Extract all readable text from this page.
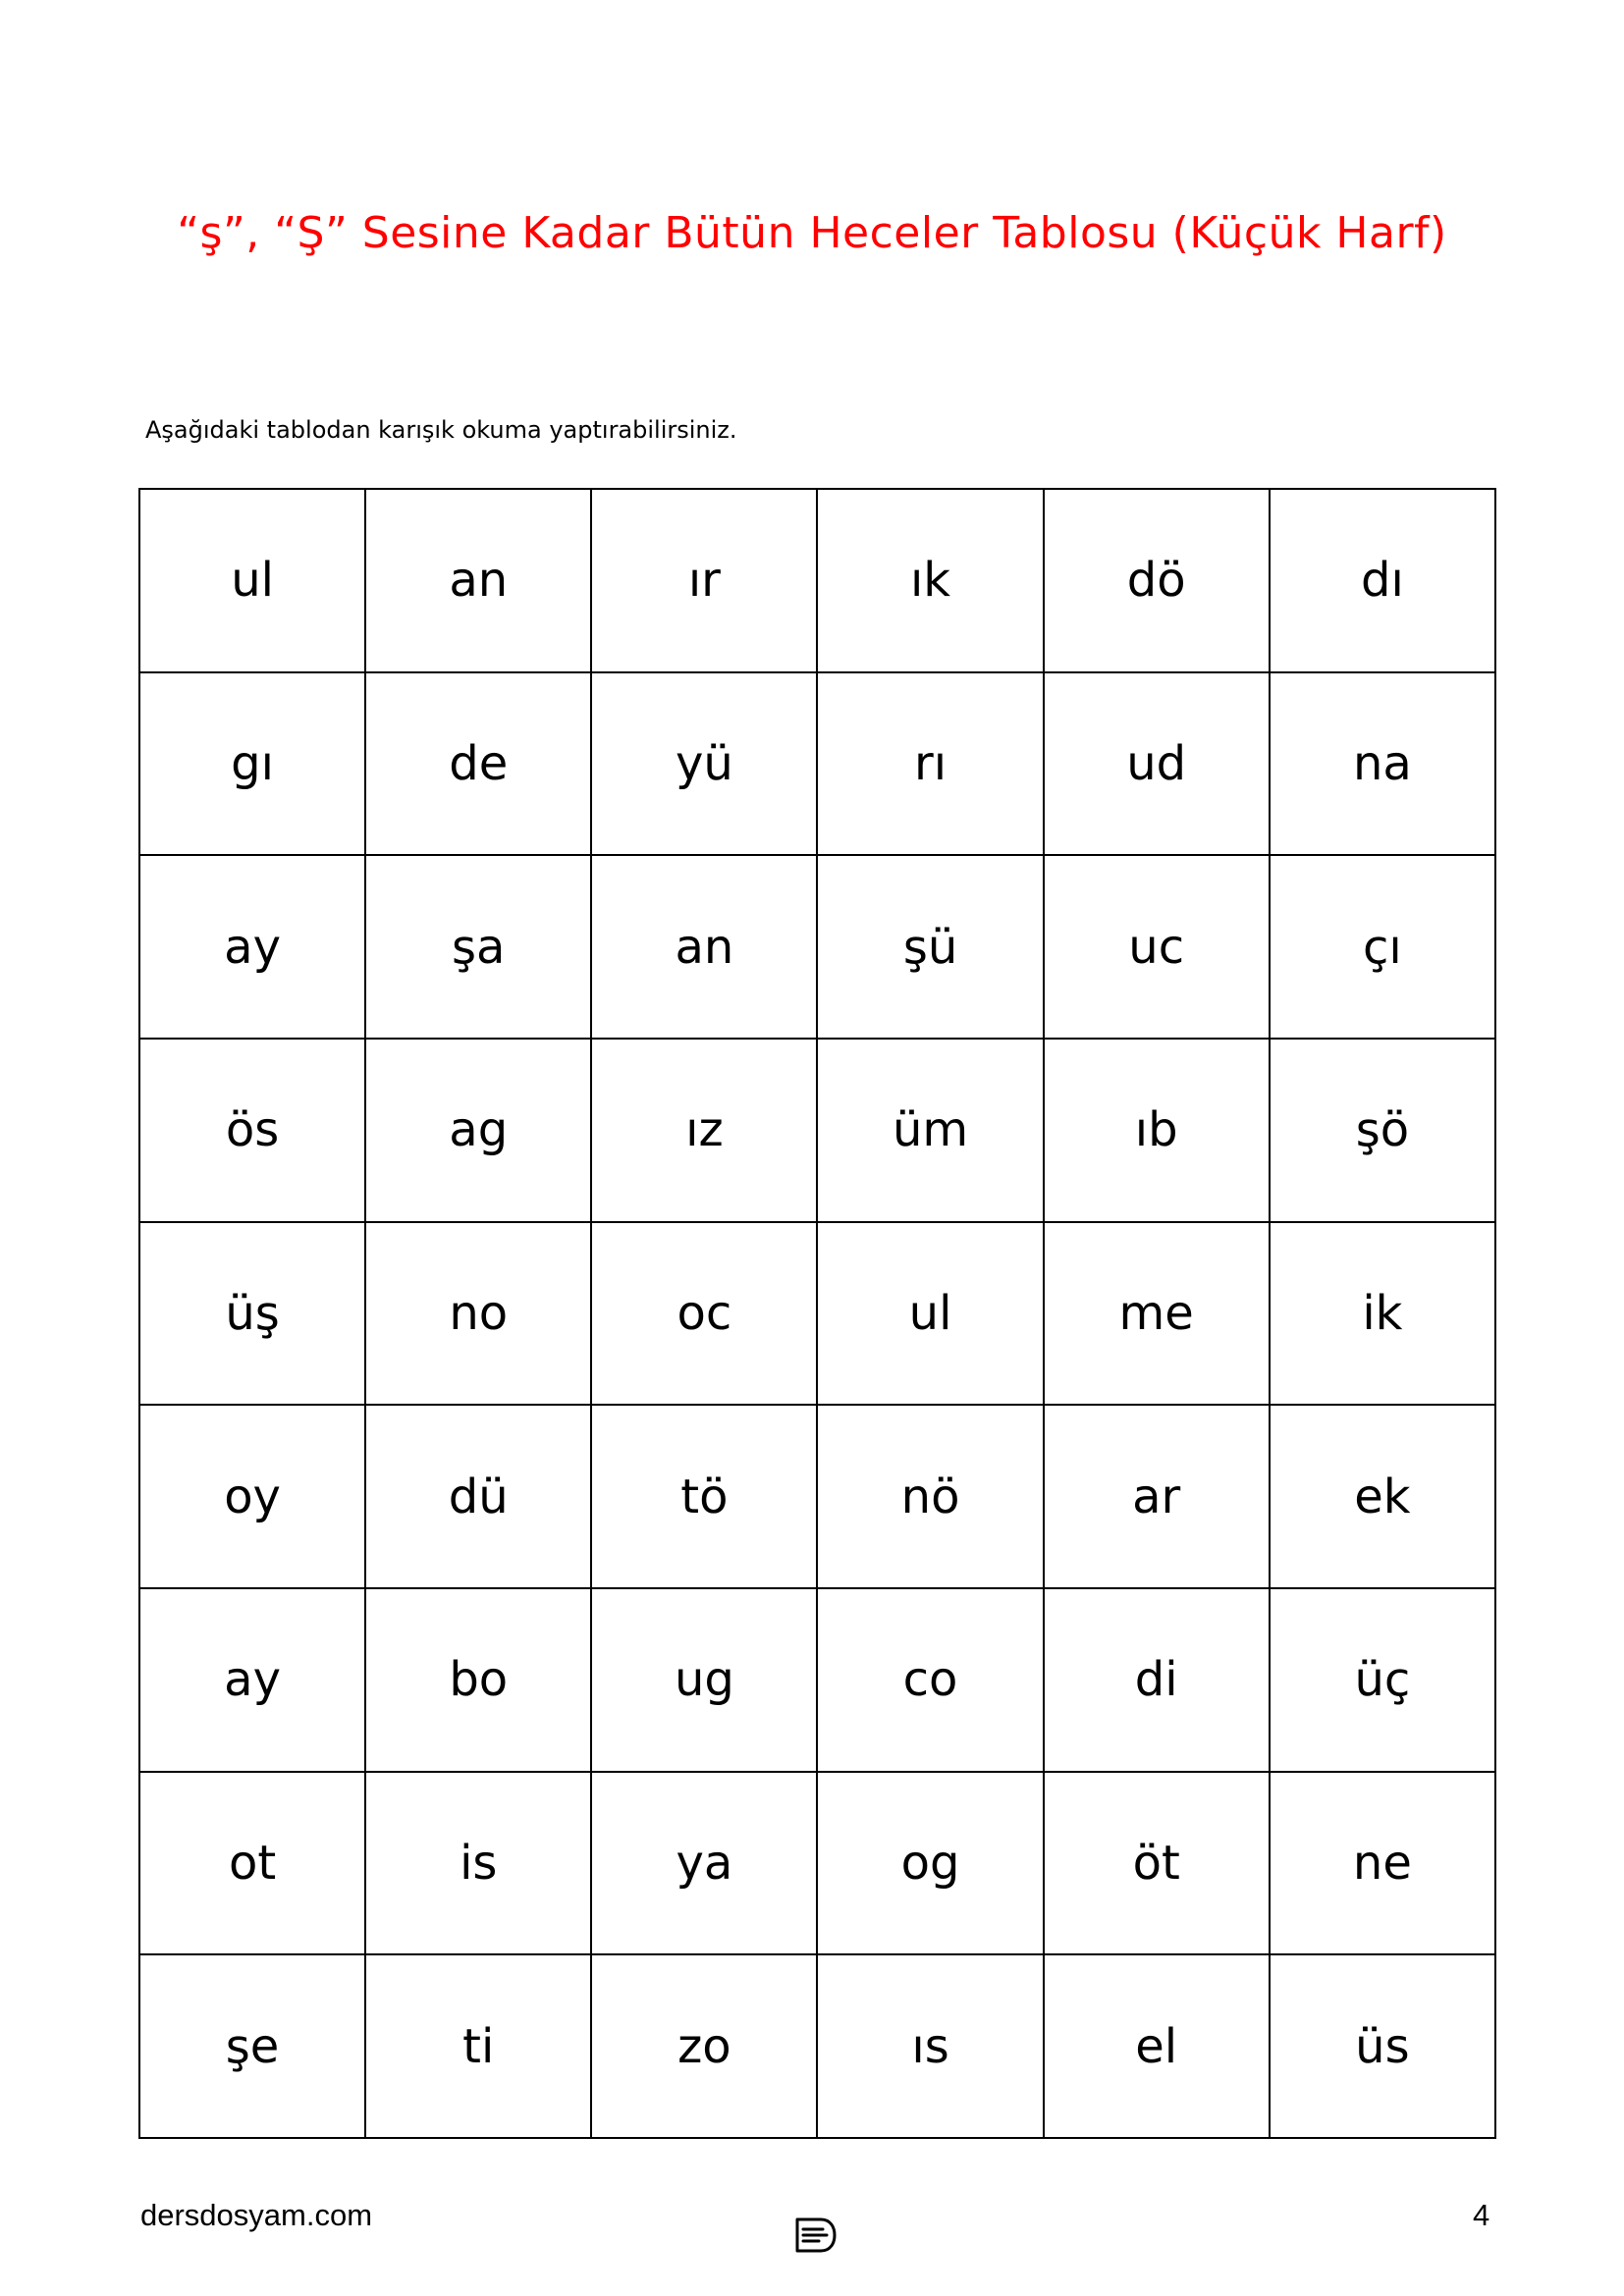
“ş”, “Ş” Sesine Kadar Bütün Heceler Tablosu (Küçük Harf)
Aşağıdaki tablodan karışık okuma yaptırabilirsiniz.
ul	an	ır	ık	dö	dı
gı	de	yü	rı	ud	na
ay	şa	an	şü	uc	çı
ös	ag	ız	üm	ıb	şö
üş	no	oc	ul	me	ik
oy	dü	tö	nö	ar	ek
ay	bo	ug	co	di	üç
ot	is	ya	og	öt	ne
şe	ti	zo	ıs	el	üs
dersdosyam.com	4
